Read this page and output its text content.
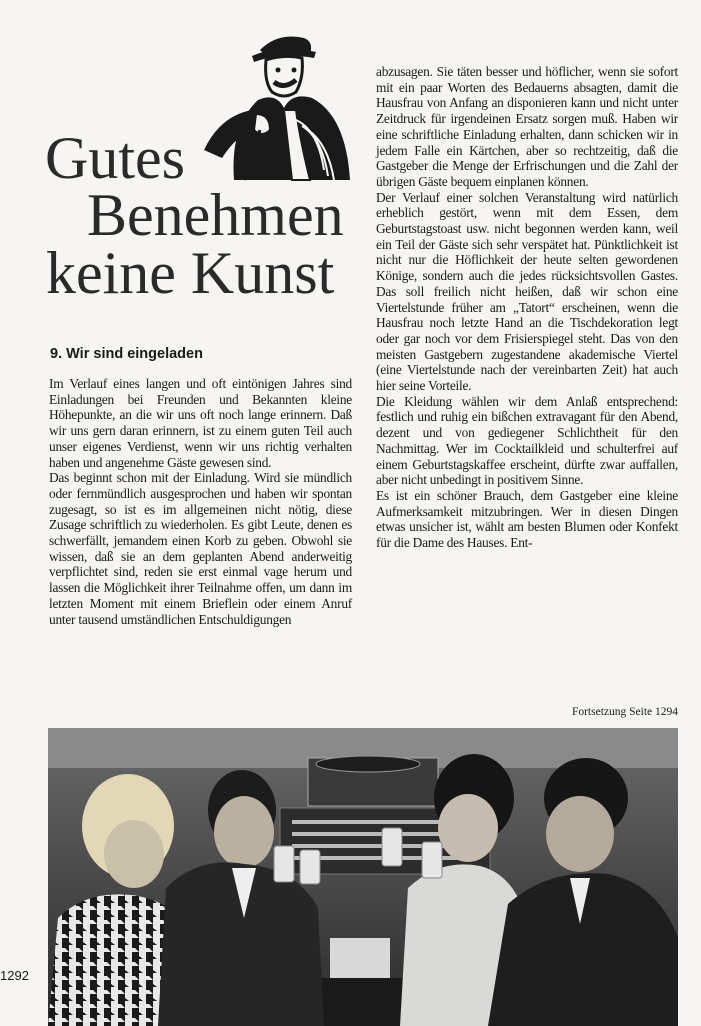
Gutes
Benehmen
keine Kunst
9. Wir sind eingeladen

Im Verlauf eines langen und oft eintönigen Jahres sind Einladungen bei Freunden und Bekannten kleine Höhepunkte, an die wir uns oft noch lange erinnern. Daß wir uns gern daran erinnern, ist zu einem guten Teil auch unser eigenes Verdienst, wenn wir uns richtig verhalten haben und angenehme Gäste gewesen sind.

Das beginnt schon mit der Einladung. Wird sie mündlich oder fernmündlich ausgesprochen und haben wir spontan zugesagt, so ist es im allgemeinen nicht nötig, diese Zusage schriftlich zu wiederholen. Es gibt Leute, denen es schwerfällt, jemandem einen Korb zu geben. Obwohl sie wissen, daß sie an dem geplanten Abend anderweitig verpflichtet sind, reden sie erst einmal vage herum und lassen die Möglichkeit ihrer Teilnahme offen, um dann im letzten Moment mit einem Brieflein oder einem Anruf unter tausend umständlichen Entschuldigungen

abzusagen. Sie täten besser und höflicher, wenn sie sofort mit ein paar Worten des Bedauerns absagten, damit die Hausfrau von Anfang an disponieren kann und nicht unter Zeitdruck für irgendeinen Ersatz sorgen muß. Haben wir eine schriftliche Einladung erhalten, dann schicken wir in jedem Falle ein Kärtchen, aber so rechtzeitig, daß die Gastgeber die Menge der Erfrischungen und die Zahl der übrigen Gäste bequem einplanen können.

Der Verlauf einer solchen Veranstaltung wird natürlich erheblich gestört, wenn mit dem Essen, dem Geburtstagstoast usw. nicht begonnen werden kann, weil ein Teil der Gäste sich sehr verspätet hat. Pünktlichkeit ist nicht nur die Höflichkeit der heute selten gewordenen Könige, sondern auch die jedes rücksichtsvollen Gastes. Das soll freilich nicht heißen, daß wir schon eine Viertelstunde früher am „Tatort“ erscheinen, wenn die Hausfrau noch letzte Hand an die Tischdekoration legt oder gar noch vor dem Frisierspiegel steht. Das von den meisten Gastgebern zugestandene akademische Viertel (eine Viertelstunde nach der vereinbarten Zeit) hat auch hier seine Vorteile.

Die Kleidung wählen wir dem Anlaß entsprechend: festlich und ruhig ein bißchen extravagant für den Abend, dezent und von gediegener Schlichtheit für den Nachmittag. Wer im Cocktailkleid und schulterfrei auf einem Geburtstagskaffee erscheint, dürfte zwar auffallen, aber nicht unbedingt in positivem Sinne.

Es ist ein schöner Brauch, dem Gastgeber eine kleine Aufmerksamkeit mitzubringen. Wer in diesen Dingen etwas unsicher ist, wählt am besten Blumen oder Konfekt für die Dame des Hauses. Ent-

Fortsetzung Seite 1294
1292
